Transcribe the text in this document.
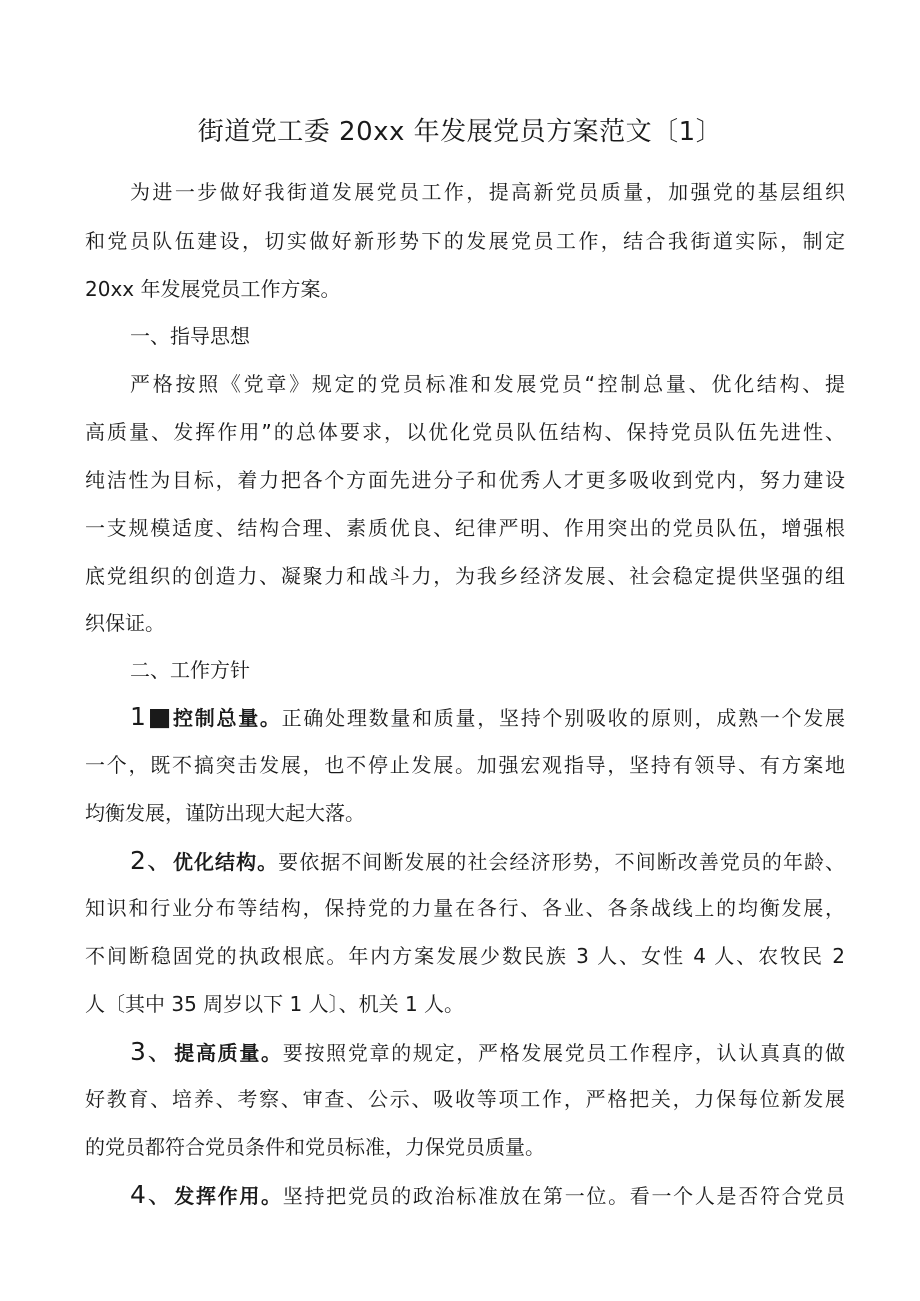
街道党工委 20xx 年发展党员方案范文〔1〕

为进一步做好我街道发展党员工作，提高新党员质量，加强党的基层组织

和党员队伍建设，切实做好新形势下的发展党员工作，结合我街道实际，制定

20xx 年发展党员工作方案。

一、指导思想

严格按照《党章》规定的党员标准和发展党员“控制总量、优化结构、提

高质量、发挥作用”的总体要求，以优化党员队伍结构、保持党员队伍先进性、

纯洁性为目标，着力把各个方面先进分子和优秀人才更多吸收到党内，努力建设

一支规模适度、结构合理、素质优良、纪律严明、作用突出的党员队伍，增强根

底党组织的创造力、凝聚力和战斗力，为我乡经济发展、社会稳定提供坚强的组

织保证。

二、工作方针

1■控制总量。正确处理数量和质量，坚持个别吸收的原则，成熟一个发展

一个，既不搞突击发展，也不停止发展。加强宏观指导，坚持有领导、有方案地

均衡发展，谨防出现大起大落。

2、优化结构。要依据不间断发展的社会经济形势，不间断改善党员的年龄、

知识和行业分布等结构，保持党的力量在各行、各业、各条战线上的均衡发展，

不间断稳固党的执政根底。年内方案发展少数民族 3 人、女性 4 人、农牧民 2

人〔其中 35 周岁以下 1 人〕、机关 1 人。

3、提高质量。要按照党章的规定，严格发展党员工作程序，认认真真的做

好教育、培养、考察、审查、公示、吸收等项工作，严格把关，力保每位新发展

的党员都符合党员条件和党员标准，力保党员质量。

4、发挥作用。坚持把党员的政治标准放在第一位。看一个人是否符合党员
